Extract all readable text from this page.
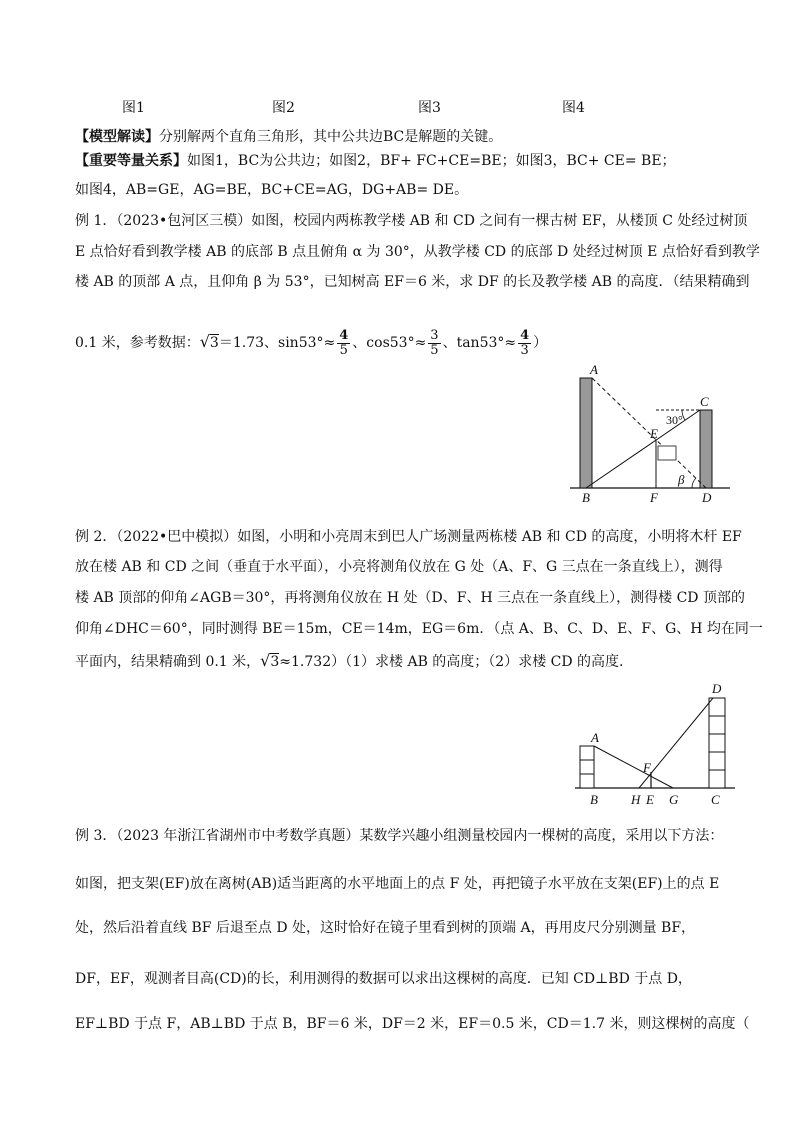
图1	图2	图3	图4
【模型解读】分别解两个直角三角形，其中公共边BC是解题的关键。
【重要等量关系】如图1，BC为公共边；如图2，BF+ FC+CE=BE；如图3，BC+ CE= BE；
如图4，AB=GE，AG=BE，BC+CE=AG，DG+AB= DE。
例 1．（2023•包河区三模）如图，校园内两栋教学楼 AB 和 CD 之间有一棵古树 EF，从楼顶 C 处经过树顶
E 点恰好看到教学楼 AB 的底部 B 点且俯角 α 为 30°，从教学楼 CD 的底部 D 处经过树顶 E 点恰好看到教学
楼 AB 的顶部 A 点，且仰角 β 为 53°，已知树高 EF＝6 米，求 DF 的长及教学楼 AB 的高度．（结果精确到
0.1 米，参考数据：√3＝1.73、$\sin 53^\circ\approx \frac{4}{5}$ 、$\cos 53^\circ\approx \frac{3}{5}$ 、$\tan 53^\circ\approx \frac{4}{3}$ ）
A
C
30°
E
B	F
β
D
例 2．（2022•巴中模拟）如图，小明和小亮周末到巴人广场测量两栋楼 AB 和 CD 的高度，小明将木杆 EF
放在楼 AB 和 CD 之间（垂直于水平面），小亮将测角仪放在 G 处（A、F、G 三点在一条直线上），测得
楼 AB 顶部的仰角∠AGB＝30°，再将测角仪放在 H 处（D、F、H 三点在一条直线上），测得楼 CD 顶部的
仰角∠DHC＝60°，同时测得 BE＝15m，CE＝14m，EG＝6m．（点 A、B、C、D、E、F、G、H 均在同一
平面内，结果精确到 0.1 米，√3≈1.732）（1）求楼 AB 的高度；（2）求楼 CD 的高度.
D
A
F
B	H E G	C
例 3．（2023 年浙江省湖州市中考数学真题）某数学兴趣小组测量校园内一棵树的高度，采用以下方法：
如图，把支架(EF)放在离树(AB)适当距离的水平地面上的点 F 处，再把镜子水平放在支架(EF)上的点 E
处，然后沿着直线 BF 后退至点 D 处，这时恰好在镜子里看到树的顶端 A，再用皮尺分别测量 BF，
DF，EF，观测者目高(CD)的长，利用测得的数据可以求出这棵树的高度．已知 CD⊥BD 于点 D，
EF⊥BD 于点 F，AB⊥BD 于点 B，BF＝6 米，DF＝2 米，EF＝0.5 米，CD＝1.7 米，则这棵树的高度（
